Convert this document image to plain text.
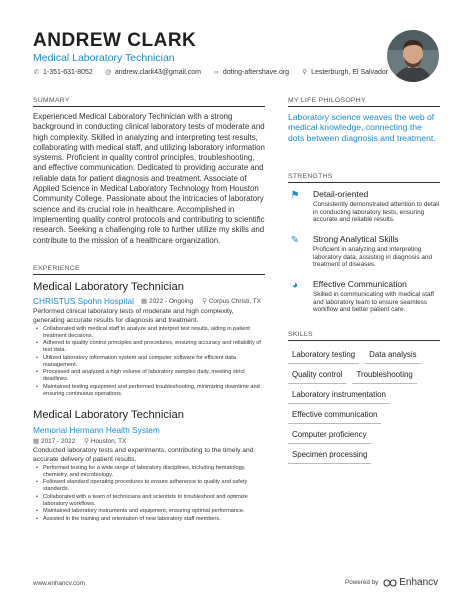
ANDREW CLARK
Medical Laboratory Technician
✆ 1-351-631-8052 @ andrew.clark43@gmail.com ∞ doting-aftershave.org ⚲ Lesterburgh, El Salvador
SUMMARY
Experienced Medical Laboratory Technician with a strong background in conducting clinical laboratory tests of moderate and high complexity. Skilled in analyzing and interpreting test results, collaborating with medical staff, and utilizing laboratory information systems. Proficient in quality control principles, troubleshooting, and effective communication. Dedicated to providing accurate and reliable data for patient diagnosis and treatment. Associate of Applied Science in Medical Laboratory Technology from Houston Community College. Passionate about the intricacies of laboratory science and its crucial role in healthcare. Accomplished in implementing quality control protocols and contributing to scientific research. Seeking a challenging role to further utilize my skills and contribute to the mission of a healthcare organization.
EXPERIENCE
Medical Laboratory Technician
CHRISTUS Spohn Hospital ▦ 2022 - Ongoing ⚲ Corpus Christi, TX
Performed clinical laboratory tests of moderate and high complexity, generating accurate results for diagnosis and treatment.
• Collaborated with medical staff to analyze and interpret test results, aiding in patient treatment decisions.
• Adhered to quality control principles and procedures, ensuring accuracy and reliability of test data.
• Utilized laboratory information system and computer software for efficient data management.
• Processed and analyzed a high volume of laboratory samples daily, meeting strict deadlines.
• Maintained testing equipment and performed troubleshooting, minimizing downtime and ensuring continuous operations.
Medical Laboratory Technician
Memorial Hermann Health System
▦ 2017 - 2022 ⚲ Houston, TX
Conducted laboratory tests and experiments, contributing to the timely and accurate delivery of patient results.
• Performed testing for a wide range of laboratory disciplines, including hematology, chemistry, and microbiology.
• Followed standard operating procedures to ensure adherence to quality and safety standards.
• Collaborated with a team of technicians and scientists to troubleshoot and optimize laboratory workflows.
• Maintained laboratory instruments and equipment, ensuring optimal performance.
• Assisted in the training and orientation of new laboratory staff members.
MY LIFE PHILOSOPHY
Laboratory science weaves the web of medical knowledge, connecting the dots between diagnosis and treatment.
STRENGTHS
⚑ Detail-oriented
Consistently demonstrated attention to detail in conducting laboratory tests, ensuring accurate and reliable results.
✎	Strong Analytical Skills
Proficient in analyzing and interpreting laboratory data, assisting in diagnosis and treatment of diseases.
◕	Effective Communication
Skilled in communicating with medical staff and laboratory team to ensure seamless workflow and better patient care.
SKILLS
Laboratory testing	Data analysis
Quality control	Troubleshooting
Laboratory instrumentation
Effective communication
Computer proficiency
Specimen processing
www.enhancv.com	Powered by Enhancv
